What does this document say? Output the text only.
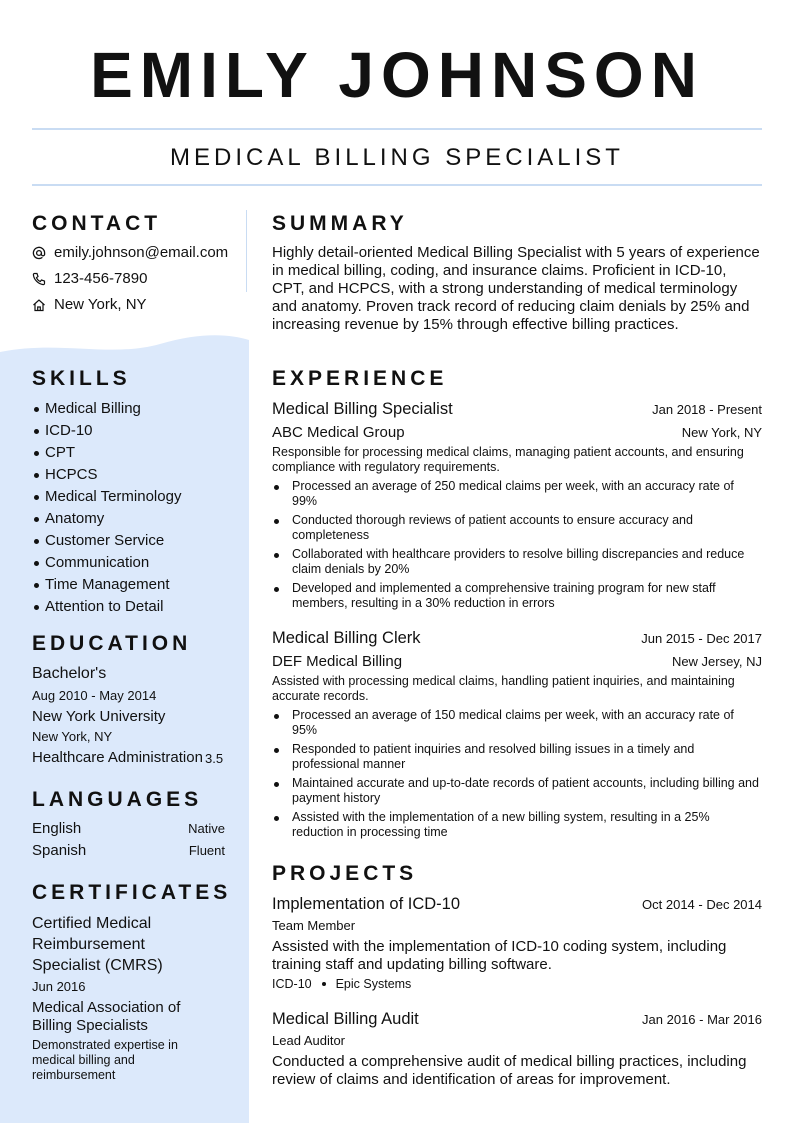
EMILY JOHNSON
MEDICAL BILLING SPECIALIST
CONTACT
emily.johnson@email.com
123-456-7890
New York, NY
SKILLS
Medical Billing
ICD-10
CPT
HCPCS
Medical Terminology
Anatomy
Customer Service
Communication
Time Management
Attention to Detail
EDUCATION
Bachelor's
Aug 2010 - May 2014
New York University
New York, NY
Healthcare Administration 3.5
LANGUAGES
English	Native
Spanish	Fluent
CERTIFICATES
Certified Medical Reimbursement Specialist (CMRS)
Jun 2016
Medical Association of Billing Specialists
Demonstrated expertise in medical billing and reimbursement
SUMMARY
Highly detail-oriented Medical Billing Specialist with 5 years of experience in medical billing, coding, and insurance claims. Proficient in ICD-10, CPT, and HCPCS, with a strong understanding of medical terminology and anatomy. Proven track record of reducing claim denials by 25% and increasing revenue by 15% through effective billing practices.
EXPERIENCE
Medical Billing Specialist	Jan 2018 - Present
ABC Medical Group	New York, NY
Responsible for processing medical claims, managing patient accounts, and ensuring compliance with regulatory requirements.
Processed an average of 250 medical claims per week, with an accuracy rate of 99%
Conducted thorough reviews of patient accounts to ensure accuracy and completeness
Collaborated with healthcare providers to resolve billing discrepancies and reduce claim denials by 20%
Developed and implemented a comprehensive training program for new staff members, resulting in a 30% reduction in errors
Medical Billing Clerk	Jun 2015 - Dec 2017
DEF Medical Billing	New Jersey, NJ
Assisted with processing medical claims, handling patient inquiries, and maintaining accurate records.
Processed an average of 150 medical claims per week, with an accuracy rate of 95%
Responded to patient inquiries and resolved billing issues in a timely and professional manner
Maintained accurate and up-to-date records of patient accounts, including billing and payment history
Assisted with the implementation of a new billing system, resulting in a 25% reduction in processing time
PROJECTS
Implementation of ICD-10	Oct 2014 - Dec 2014
Team Member
Assisted with the implementation of ICD-10 coding system, including training staff and updating billing software.
ICD-10 Epic Systems
Medical Billing Audit	Jan 2016 - Mar 2016
Lead Auditor
Conducted a comprehensive audit of medical billing practices, including review of claims and identification of areas for improvement.
